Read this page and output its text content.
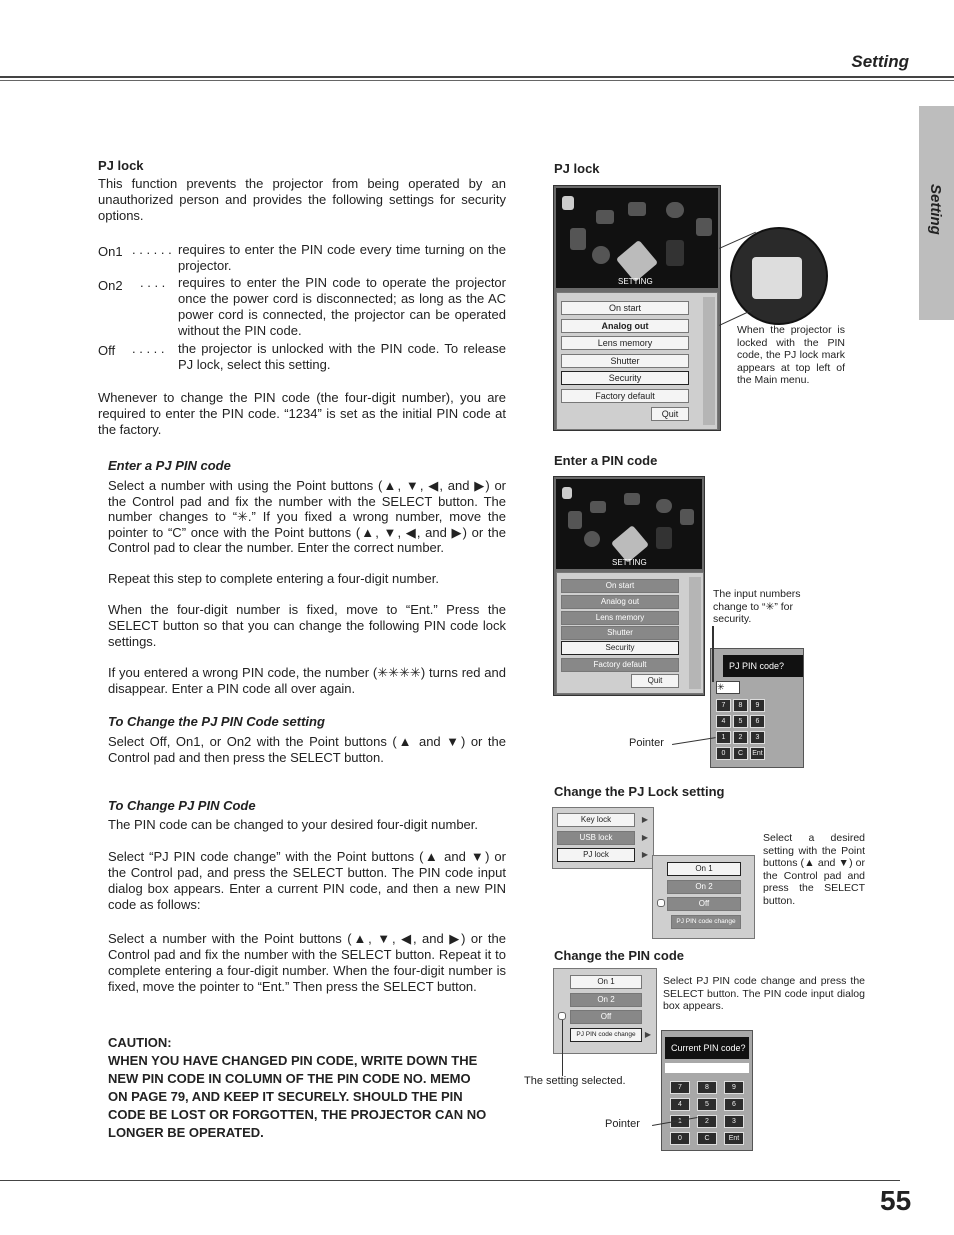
Setting
Setting
PJ lock
This function prevents the projector from being operated by an unauthorized person and provides the following settings for security options.
On1 . . . . . . requires to enter the PIN code every time turning on the projector.
On2 . . . . requires to enter the PIN code to operate the projector once the power cord is disconnected; as long as the AC power cord is connected, the projector can be operated without the PIN code.
Off . . . . . the projector is unlocked with the PIN code. To release PJ lock, select this setting.
Whenever to change the PIN code (the four-digit number), you are required to enter the PIN code. “1234” is set as the initial PIN code at the factory.
Enter a PJ PIN code
Select a number with using the Point buttons (▲, ▼, ◀, and ▶) or the Control pad and fix the number with the SELECT button. The number changes to “✳.” If you fixed a wrong number, move the pointer to “C” once with the Point buttons (▲, ▼, ◀, and ▶) or the Control pad to clear the number. Enter the correct number.
Repeat this step to complete entering a four-digit number.
When the four-digit number is fixed, move to “Ent.” Press the SELECT button so that you can change the following PIN code lock settings.
If you entered a wrong PIN code, the number (✳✳✳✳) turns red and disappear. Enter a PIN code all over again.
To Change the PJ PIN Code setting
Select Off, On1, or On2 with the Point buttons (▲ and ▼) or the Control pad and then press the SELECT button.
To Change PJ PIN Code
The PIN code can be changed to your desired four-digit number.
Select “PJ PIN code change” with the Point buttons (▲ and ▼) or the Control pad, and press the SELECT button. The PIN code input dialog box appears. Enter a current PIN code, and then a new PIN code as follows:
Select a number with the Point buttons (▲, ▼, ◀, and ▶) or the Control pad and fix the number with the SELECT button. Repeat it to complete entering a four-digit number. When the four-digit number is fixed, move the pointer to “Ent.” Then press the SELECT button.
CAUTION:
WHEN YOU HAVE CHANGED PIN CODE, WRITE DOWN THE NEW PIN CODE IN COLUMN OF THE PIN CODE NO. MEMO ON PAGE 79, AND KEEP IT SECURELY. SHOULD THE PIN CODE BE LOST OR FORGOTTEN, THE PROJECTOR CAN NO LONGER BE OPERATED.
PJ lock
SETTING
On start
Analog out
Lens memory
Shutter
Security
Factory default
Quit
When the projector is locked with the PIN code, the PJ lock mark appears at top left of the Main menu.
Enter a PIN code
SETTING
On start
Analog out
Lens memory
Shutter
Security
Factory default
Quit
The input numbers change to “✳” for security.
PJ PIN code?
✳
7	8	9
4	5	6
1	2	3
0	C	Ent
Pointer
Change the PJ Lock setting
Key lock
USB lock
PJ lock
▶
▶
▶
On 1
On 2
Off
PJ PIN code change
Select a desired setting with the Point buttons (▲ and ▼) or the Control pad and press the SELECT button.
Change the PIN code
On 1
On 2
Off
PJ PIN code change	▶
Select PJ PIN code change and press the SELECT button. The PIN code input dialog box appears.
Current PIN code?
7	8	9
4	5	6
1	2	3
0	C	Ent
The setting selected.
Pointer
55
